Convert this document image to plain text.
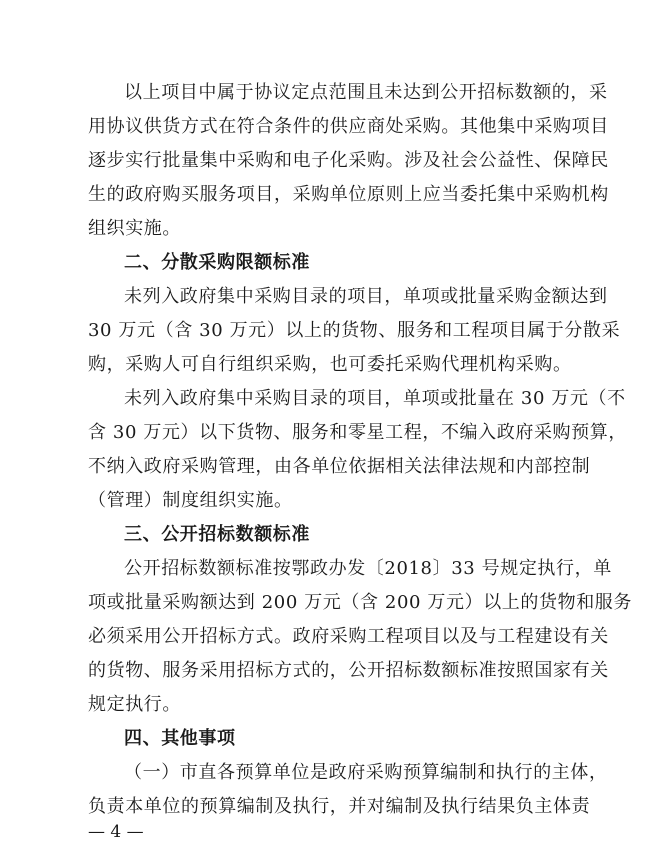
以上项目中属于协议定点范围且未达到公开招标数额的，采
用协议供货方式在符合条件的供应商处采购。其他集中采购项目
逐步实行批量集中采购和电子化采购。涉及社会公益性、保障民
生的政府购买服务项目，采购单位原则上应当委托集中采购机构
组织实施。
二、分散采购限额标准
未列入政府集中采购目录的项目，单项或批量采购金额达到
30 万元（含 30 万元）以上的货物、服务和工程项目属于分散采
购，采购人可自行组织采购，也可委托采购代理机构采购。
未列入政府集中采购目录的项目，单项或批量在 30 万元（不
含 30 万元）以下货物、服务和零星工程，不编入政府采购预算，
不纳入政府采购管理，由各单位依据相关法律法规和内部控制
（管理）制度组织实施。
三、公开招标数额标准
公开招标数额标准按鄂政办发〔2018〕33 号规定执行，单
项或批量采购额达到 200 万元（含 200 万元）以上的货物和服务
必须采用公开招标方式。政府采购工程项目以及与工程建设有关
的货物、服务采用招标方式的，公开招标数额标准按照国家有关
规定执行。
四、其他事项
（一）市直各预算单位是政府采购预算编制和执行的主体，
负责本单位的预算编制及执行，并对编制及执行结果负主体责
— 4 —
